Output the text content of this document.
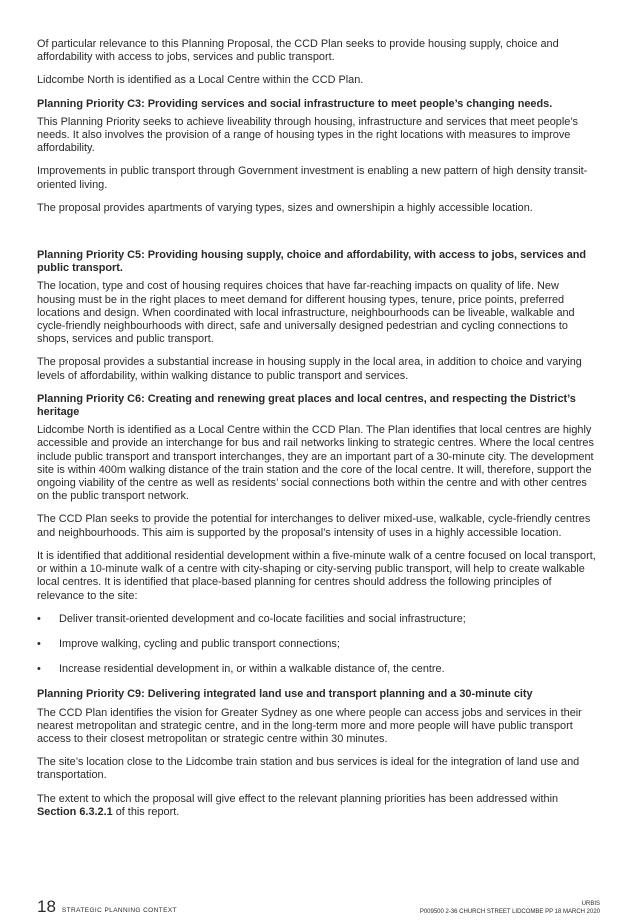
Of particular relevance to this Planning Proposal, the CCD Plan seeks to provide housing supply, choice and affordability with access to jobs, services and public transport.

Lidcombe North is identified as a Local Centre within the CCD Plan.

Planning Priority C3: Providing services and social infrastructure to meet people’s changing needs.

This Planning Priority seeks to achieve liveability through housing, infrastructure and services that meet people’s needs. It also involves the provision of a range of housing types in the right locations with measures to improve affordability.

Improvements in public transport through Government investment is enabling a new pattern of high density transit-oriented living.

The proposal provides apartments of varying types, sizes and ownershipin a highly accessible location.

Planning Priority C5: Providing housing supply, choice and affordability, with access to jobs, services and public transport.

The location, type and cost of housing requires choices that have far-reaching impacts on quality of life. New housing must be in the right places to meet demand for different housing types, tenure, price points, preferred locations and design. When coordinated with local infrastructure, neighbourhoods can be liveable, walkable and cycle-friendly neighbourhoods with direct, safe and universally designed pedestrian and cycling connections to shops, services and public transport.

The proposal provides a substantial increase in housing supply in the local area, in addition to choice and varying levels of affordability, within walking distance to public transport and services.

Planning Priority C6: Creating and renewing great places and local centres, and respecting the District’s heritage

Lidcombe North is identified as a Local Centre within the CCD Plan. The Plan identifies that local centres are highly accessible and provide an interchange for bus and rail networks linking to strategic centres. Where the local centres include public transport and transport interchanges, they are an important part of a 30-minute city. The development site is within 400m walking distance of the train station and the core of the local centre. It will, therefore, support the ongoing viability of the centre as well as residents’ social connections both within the centre and with other centres on the public transport network.

The CCD Plan seeks to provide the potential for interchanges to deliver mixed-use, walkable, cycle-friendly centres and neighbourhoods. This aim is supported by the proposal’s intensity of uses in a highly accessible location.

It is identified that additional residential development within a five-minute walk of a centre focused on local transport, or within a 10-minute walk of a centre with city-shaping or city-serving public transport, will help to create walkable local centres. It is identified that place-based planning for centres should address the following principles of relevance to the site:

• Deliver transit-oriented development and co-locate facilities and social infrastructure;
• Improve walking, cycling and public transport connections;
• Increase residential development in, or within a walkable distance of, the centre.
Planning Priority C9: Delivering integrated land use and transport planning and a 30-minute city

The CCD Plan identifies the vision for Greater Sydney as one where people can access jobs and services in their nearest metropolitan and strategic centre, and in the long-term more and more people will have public transport access to their closest metropolitan or strategic centre within 30 minutes.

The site’s location close to the Lidcombe train station and bus services is ideal for the integration of land use and transportation.

The extent to which the proposal will give effect to the relevant planning priorities has been addressed within Section 6.3.2.1 of this report.

18 STRATEGIC PLANNING CONTEXT
URBIS
P009500 2-36 CHURCH STREET LIDCOMBE PP 18 MARCH 2020
